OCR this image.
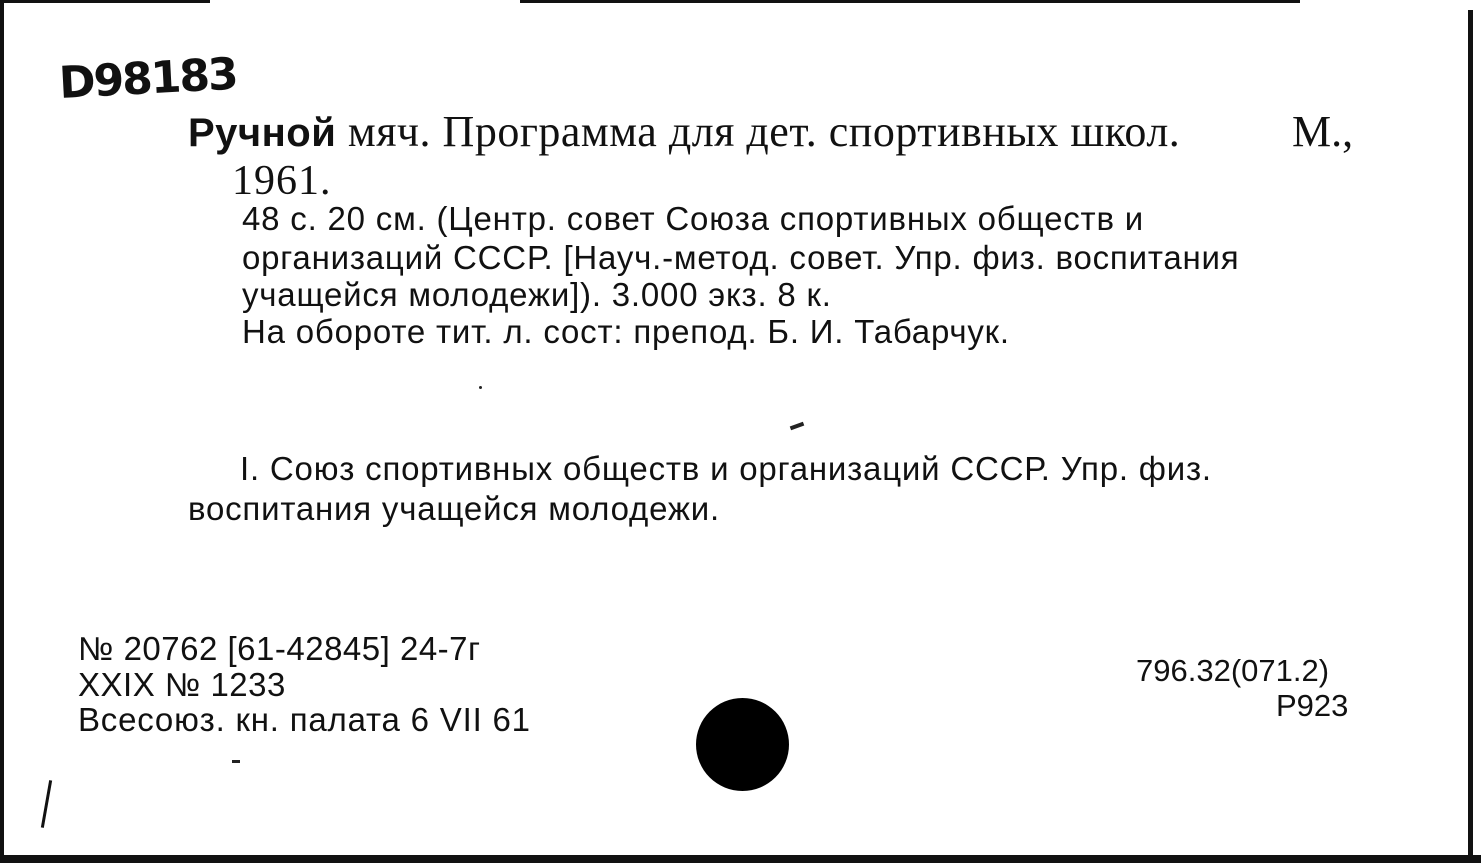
D98183
Ручной мяч. Программа для дет. спортивных школ.	М.,
1961.
48 с. 20 см. (Центр. совет Союза спортивных обществ и
организаций СССР. [Науч.-метод. совет. Упр. физ. воспитания
учащейся молодежи]). 3.000 экз. 8 к.
На обороте тит. л. сост: препод. Б. И. Табарчук.
I. Союз спортивных обществ и организаций СССР. Упр. физ.
воспитания учащейся молодежи.
№ 20762 [61-42845] 24-7г
XXIX № 1233
Всесоюз. кн. палата 6 VII 61
796.32(071.2)
Р923
